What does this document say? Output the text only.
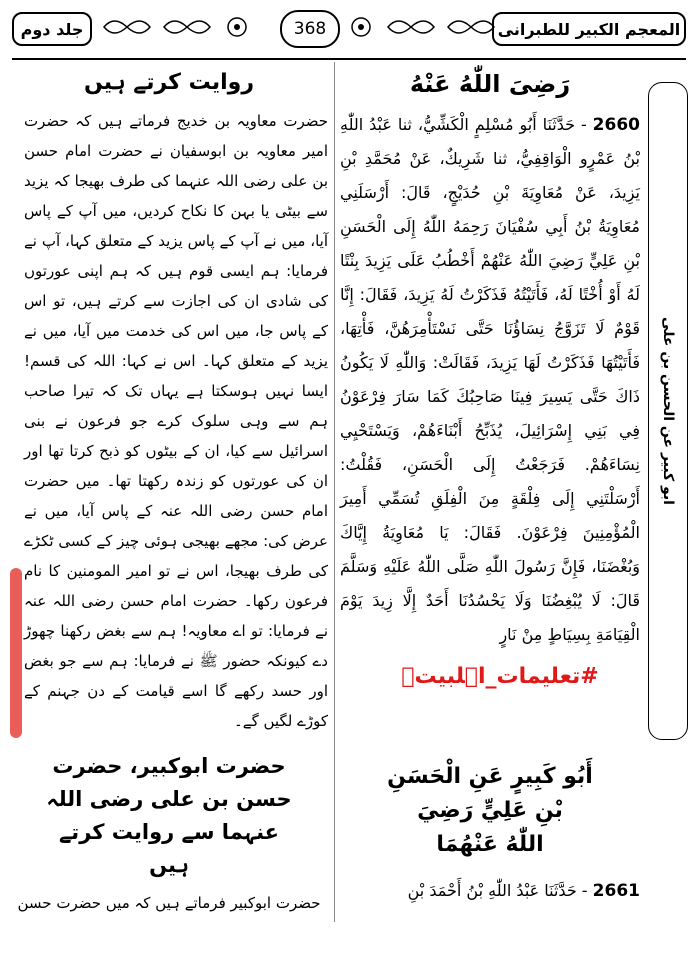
جلد دوم	368	المعجم الکبیر للطبرانی
روایت کرتے ہیں
حضرت معاویہ بن خدیج فرماتے ہیں کہ حضرت امیر معاویہ بن ابوسفیان نے حضرت امام حسن بن علی رضی اللہ عنہما کی طرف بھیجا کہ یزید سے بیٹی یا بہن کا نکاح کردیں، میں آپ کے پاس آیا، میں نے آپ کے پاس یزید کے متعلق کہا، آپ نے فرمایا: ہم ایسی قوم ہیں کہ ہم اپنی عورتوں کی شادی ان کی اجازت سے کرتے ہیں، تو اس کے پاس جا، میں اس کی خدمت میں آیا، میں نے یزید کے متعلق کہا۔ اس نے کہا: اللہ کی قسم! ایسا نہیں ہوسکتا ہے یہاں تک کہ تیرا صاحب ہم سے وہی سلوک کرے جو فرعون نے بنی اسرائیل سے کیا، ان کے بیٹوں کو ذبح کرتا تھا اور ان کی عورتوں کو زندہ رکھتا تھا۔ میں حضرت امام حسن رضی اللہ عنہ کے پاس آیا، میں نے عرض کی: مجھے بھیجی ہوئی چیز کے کسی ٹکڑے کی طرف بھیجا، اس نے تو امیر المومنین کا نام فرعون رکھا۔ حضرت امام حسن رضی اللہ عنہ نے فرمایا: تو اے معاویہ! ہم سے بغض رکھنا چھوڑ دے کیونکہ حضور ﷺ نے فرمایا: ہم سے جو بغض اور حسد رکھے گا اسے قیامت کے دن جہنم کے کوڑے لگیں گے۔
حضرت ابوکبیر، حضرت حسن بن علی رضی اللہ عنہما سے روایت کرتے ہیں
حضرت ابوکبیر فرماتے ہیں کہ میں حضرت حسن
رَضِیَ اللّٰهُ عَنْهُ
2660 - حَدَّثَنَا أَبُو مُسْلِمٍ الْكَشِّيُّ، ثنا عَبْدُ اللّٰهِ بْنُ عَمْرٍو الْوَاقِفِيُّ، ثنا شَرِيكٌ، عَنْ مُحَمَّدِ بْنِ يَزِيدَ، عَنْ مُعَاوِيَةَ بْنِ حُدَيْجٍ، قَالَ: أَرْسَلَنِي مُعَاوِيَةُ بْنُ أَبِي سُفْيَانَ رَحِمَهُ اللّٰهُ إِلَى الْحَسَنِ بْنِ عَلِيٍّ رَضِيَ اللّٰهُ عَنْهُمْ أَخْطُبُ عَلَى يَزِيدَ بِنْتًا لَهُ أَوْ أُخْتًا لَهُ، فَأَتَيْتُهُ فَذَكَرْتُ لَهُ يَزِيدَ، فَقَالَ: إِنَّا قَوْمٌ لَا تَزَوَّجُ نِسَاؤُنَا حَتَّى نَسْتَأْمِرَهُنَّ، فَأْتِهَا، فَأَتَيْتُهَا فَذَكَرْتُ لَهَا يَزِيدَ، فَقَالَتْ: وَاللّٰهِ لَا يَكُونُ ذَاكَ حَتَّى يَسِيرَ فِينَا صَاحِبُكَ كَمَا سَارَ فِرْعَوْنُ فِي بَنِي إِسْرَائِيلَ، يُذَبِّحُ أَبْنَاءَهُمْ، وَيَسْتَحْيِي نِسَاءَهُمْ. فَرَجَعْتُ إِلَى الْحَسَنِ، فَقُلْتُ: أَرْسَلْتَنِي إِلَى فِلْقَةٍ مِنَ الْفِلَقِ تُسَمِّي أَمِيرَ الْمُؤْمِنِينَ فِرْعَوْنَ. فَقَالَ: يَا مُعَاوِيَةُ إِيَّاكَ وَبُغْضَنَا، فَإِنَّ رَسُولَ اللّٰهِ صَلَّى اللّٰهُ عَلَيْهِ وَسَلَّمَ قَالَ: لَا يُبْغِضُنَا وَلَا يَحْسُدُنَا أَحَدٌ إِلَّا زِيدَ يَوْمَ الْقِيَامَةِ بِسِيَاطٍ مِنْ نَارٍ
#تعلیمات_اہلبیتؑ
أَبُو كَبِيرٍ عَنِ الْحَسَنِ
بْنِ عَلِيٍّ رَضِيَ
اللّٰهُ عَنْهُمَا
2661 - حَدَّثَنَا عَبْدُ اللّٰهِ بْنُ أَحْمَدَ بْنِ
ابو کبیر عن الحسن بن علی
